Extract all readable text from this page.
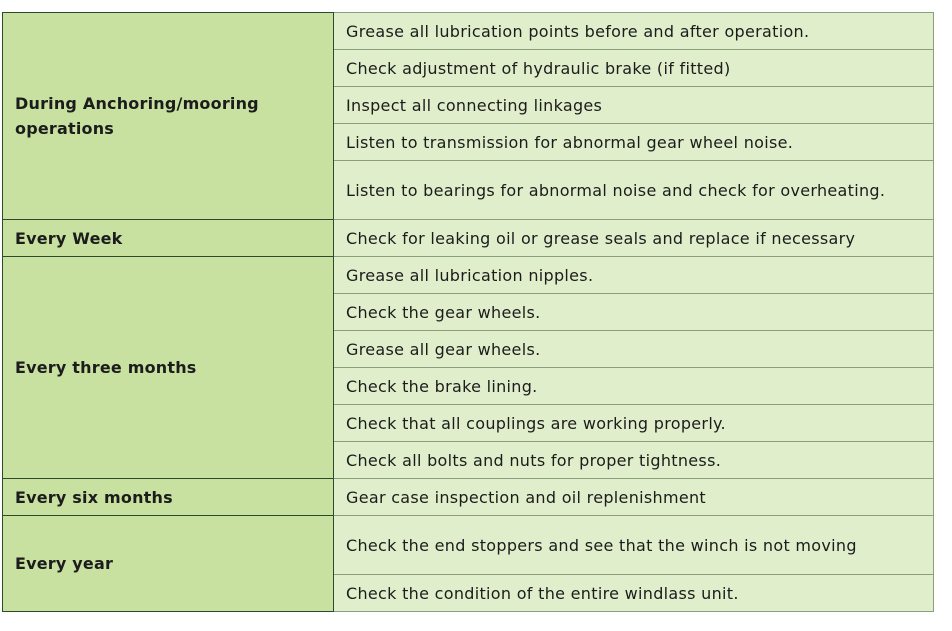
During Anchoring/mooring operations	Grease all lubrication points before and after operation.
	Check adjustment of hydraulic brake (if fitted)
	Inspect all connecting linkages
	Listen to transmission for abnormal gear wheel noise.
	Listen to bearings for abnormal noise and check for overheating.
Every Week	Check for leaking oil or grease seals and replace if necessary
Every three months	Grease all lubrication nipples.
	Check the gear wheels.
	Grease all gear wheels.
	Check the brake lining.
	Check that all couplings are working properly.
	Check all bolts and nuts for proper tightness.
Every six months	Gear case inspection and oil replenishment
Every year	Check the end stoppers and see that the winch is not moving
	Check the condition of the entire windlass unit.
